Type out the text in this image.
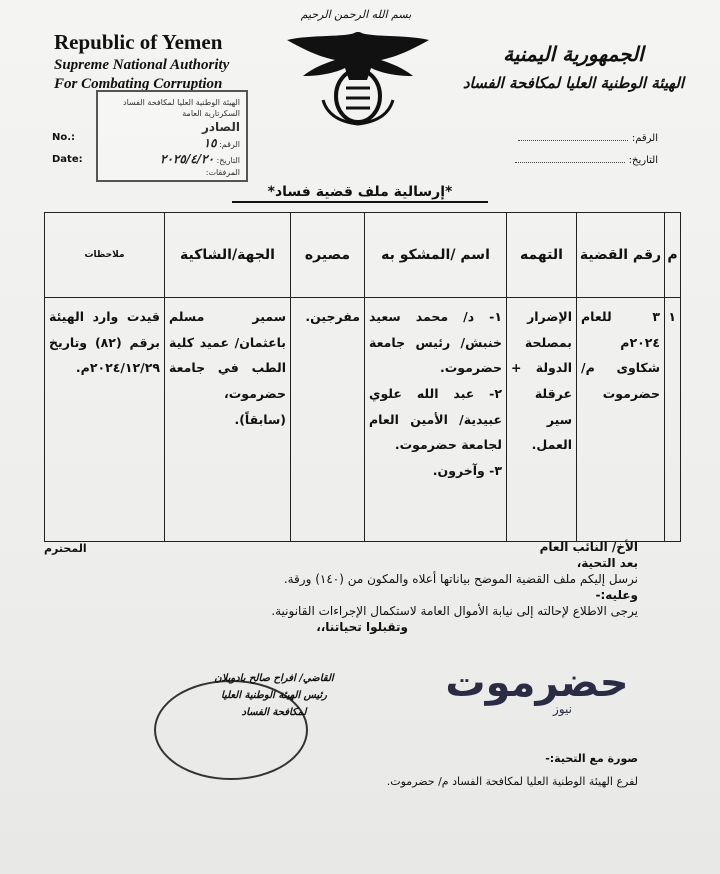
Republic of Yemen

Supreme National Authority
For Combating Corruption
بسم الله الرحمن الرحيم
الجمهورية اليمنية
الهيئة الوطنية العليا لمكافحة الفساد
No.:
Date:
الرقم:
التاريخ:
الهيئة الوطنية العليا لمكافحة الفساد
السكرتارية العامة
الصادر
الرقم: ١٥
التاريخ: ٢٠٢٥/٤/٢٠
المرفقات:
*إرسالية ملف قضية فساد*
م	رقم القضية	التهمه	اسم /المشكو به	مصيره	الجهة/الشاكية	ملاحظات
١	٣ للعام ٢٠٢٤م شكاوى م/حضرموت	الإضرار بمصلحة الدولة + عرقلة سير العمل.	١- د/ محمد سعيد خنبش/ رئيس جامعة حضرموت.
٢- عبد الله علوي عبيدية/ الأمين العام لجامعة حضرموت.
٣- وآخرون.	مفرجين.	سمير مسلم باعثمان/ عميد كلية الطب في جامعة حضرموت، (سابقاً).	قيدت وارد الهيئة برقم (٨٢) وتاريخ ٢٠٢٤/١٢/٢٩م.
المحترم	الأخ/ النائب العام

بعد التحية،

نرسل إليكم ملف القضية الموضح بياناتها أعلاه والمكون من (١٤٠) ورقة.

وعليه:-

يرجى الاطلاع لإحالته إلى نيابة الأموال العامة لاستكمال الإجراءات القانونية.

وتقبلوا تحياتنا،،

القاضي/ افراح صالح بادويلان
رئيس الهيئة الوطنية العليا
لمكافحة الفساد
حضرموت
نيوز
صورة مع التحية:-
لفرع الهيئة الوطنية العليا لمكافحة الفساد م/ حضرموت.
